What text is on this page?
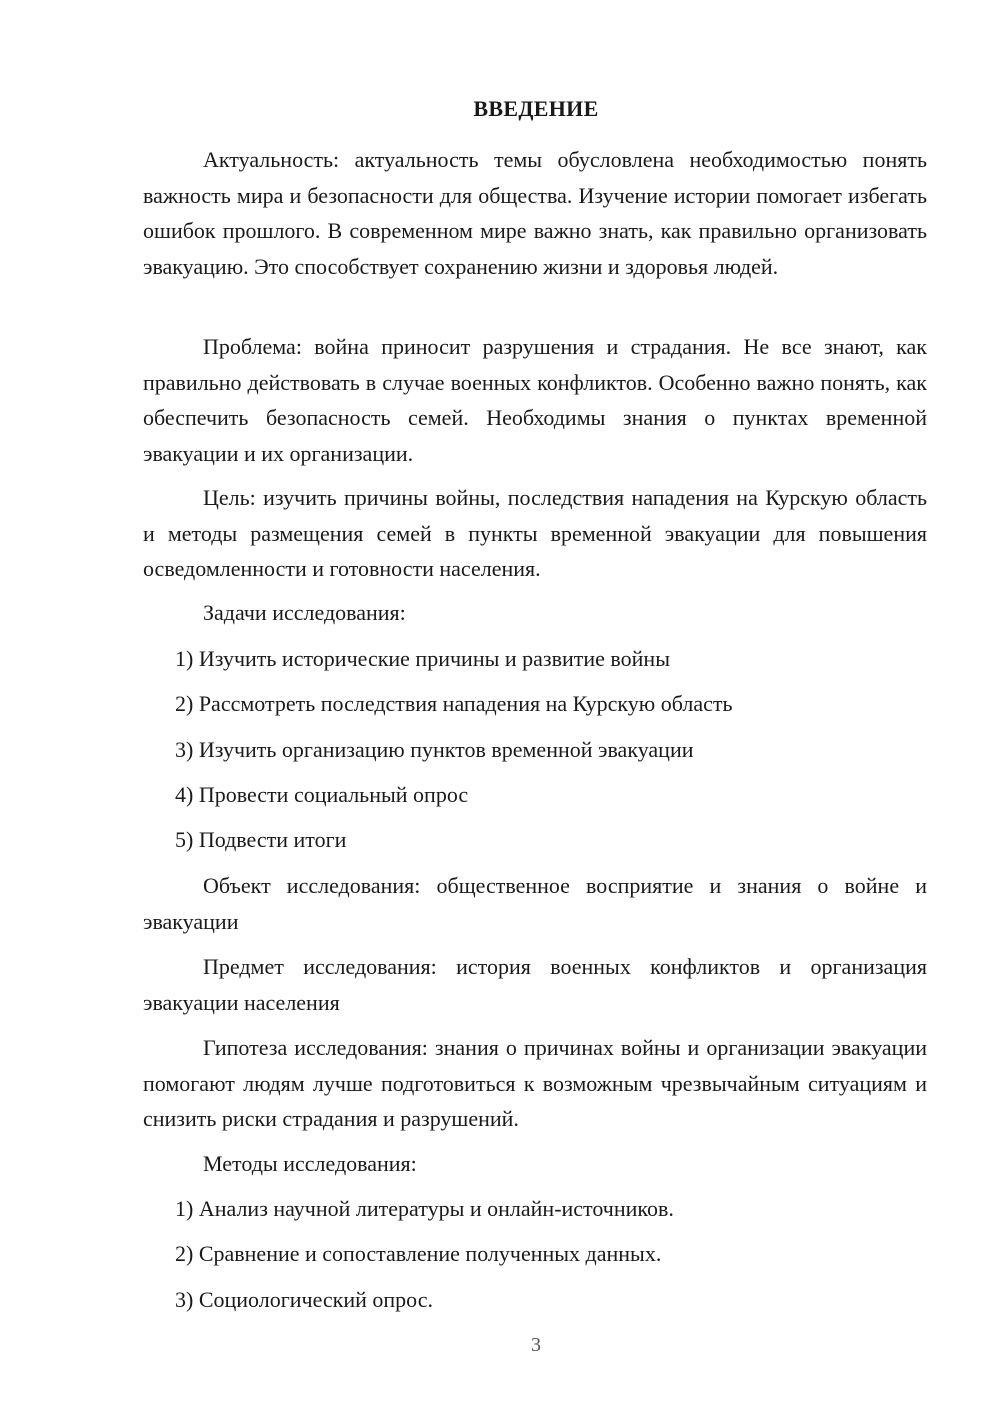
ВВЕДЕНИЕ

Актуальность: актуальность темы обусловлена необходимостью понять важность мира и безопасности для общества. Изучение истории помогает избегать ошибок прошлого. В современном мире важно знать, как правильно организовать эвакуацию. Это способствует сохранению жизни и здоровья людей.

Проблема: война приносит разрушения и страдания. Не все знают, как правильно действовать в случае военных конфликтов. Особенно важно понять, как обеспечить безопасность семей. Необходимы знания о пунктах временной эвакуации и их организации.

Цель: изучить причины войны, последствия нападения на Курскую область и методы размещения семей в пункты временной эвакуации для повышения осведомленности и готовности населения.

Задачи исследования:
1) Изучить исторические причины и развитие войны
2) Рассмотреть последствия нападения на Курскую область
3) Изучить организацию пунктов временной эвакуации
4) Провести социальный опрос
5) Подвести итоги

Объект исследования: общественное восприятие и знания о войне и эвакуации

Предмет исследования: история военных конфликтов и организация эвакуации населения

Гипотеза исследования: знания о причинах войны и организации эвакуации помогают людям лучше подготовиться к возможным чрезвычайным ситуациям и снизить риски страдания и разрушений.

Методы исследования:
1) Анализ научной литературы и онлайн-источников.
2) Сравнение и сопоставление полученных данных.
3) Социологический опрос.
3
